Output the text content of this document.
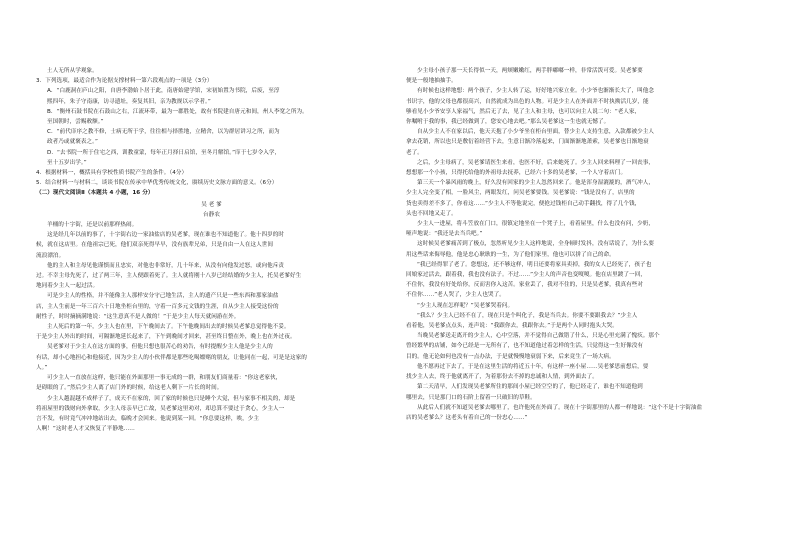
土人无所从学观象。

3．下列选项，最适合作为论据支撑材料一第六段观点的一项是（3分）

A．“白鹿洞在庐山之阳，自唐李渤始卜居于此，南唐始建学馆，宋初始置为书院，后废，至淳

熙四年，朱子守南康，访寻遗址，奏复其旧，亲为教规以示学者。”

B．“衡州石鼓书院在石鼓山之右，江流环带，最为一郡胜处，故有书院建自唐元和间，州人李宽之所为。

至国朝时，尝赐敕额。”

C．“前代庠序之教不修，士病无所于学，往往相与择胜地，立精舍，以为群居讲习之所，而为

政者乃或就褒表之。”

D．“去书院一所于住宅之西，训教童蒙，每年正月择日启馆，至冬月解馆。”庠于七岁令入学，

至十五岁出学。”

4．根据材料一，概括具有学校性质书院产生的条件。（4分）

5．结合材料一与材料二，谈谈书院在传承中华优秀传统文化，赓续历史文脉方面的意义。（6分）

（二）现代文阅读Ⅱ（本题共 4 小题，16 分）

吴 老 爹

台静农

羊桶的十字街，还是以前那样热闹。

这是经几年以前的事了，十字街右边一家油盐店的吴老爹，现在谁也不知道他了。他十四岁的时

候，就在这店里。在他祖宗已死，他们双亲死得早早，没有族辈兄弟，只是自由一人在这人世间

流浪漂泊。

他的主人和主母见他谨慎而且忠实，对他也非常好，几十年来，从没有向他发过怒，或向他斥责

过。不幸主母先死了，过了两三年，主人便跟着死了。主人就将刚十八岁已经结婚的少主人，托吴老爹好生

地同着少主人一起过活。

可是少主人的性格，并不能像主人那样安分守己地生活，主人的遗产只是一些东西和那家油盐

店，主人生前是一年三百六十日地坐柜台里的，守着一百多元文钱的生涯，自从少主人接受这份的

耐性子，时时摘摘满地说：“这生意真不是人做的！”于是少主人每天就闲游在外。

主人死后的第一年，少主人也在里，下午晚间去了。下午他晚间出去的时候吴老爹总觉得他不妥。

于是少主人外出的时间，可隔渐地延长起来了，下午到晚间才回来，甚至终日整在外，晚上也在外过夜。

吴老爹对于少主人在这方面的事，但他只想也很苦心的劝告，有时提醒少主人他是少主人的

有话，却小心地担心和他接近，因为少主人的小伙伴都是那些吃喝嫖赌的朋友，让他同在一起，可是是这家的

人。”

可少主人一直放在这样，他只能在外面那里一事无成的一群，和朋友们商量着：“你这老家伙，

是碍眼的了。”然后少主人离了店门外的时候，给这老人剩下一片长的时间。

少主人越混越不成样子了，成天不在家的，回了家的时候也只是睡个大觉，但与家事不相关的，却是

将祖屋里的钱财向外拿取，少主人母亲早已亡故，吴老爹这里劝对，却总算不要过于贪心，少主人一

言不发，有时竟气冲冲地站出去，临晚才会回来。他说到某一回。“你总要这样，唉，少主

人啊！”这时老人才又恢复了平静地……

少主母小孩子那一天长得似一天，两颊嫩嫩红，两手胖嘟嘟一样，非常活泼可爱。吴老爹要

便是一般地抽抽手。

有时候也这样地想：两个孩子，少主人转了运，好好地兴家立业。小少爷也渐渐长大了，叫他念

书识字，他的父母也都很高兴，自然就成为出色的人物。可是少主人在外面并不时执拗活几岁，能

够看见小少爷安享人家福气，然后无了去，见了主人和主母，也可以向主人说二句：“老人家，

你嘱咐于我的事，我已经做到了，您安心地去吧。”那么吴老爹这一生也就无憾了。

自从少主人不在家以后，他天天抱了小少爷坐在柜台里面，替少主人支持生意，入款都被少主人

拿去花销，所以也只是敷衍着经营下去，生意日渐冷落起来，门面渐渐地萧索，吴老爹也日渐地衰

老了。

之后，少主母病了，吴老爹请医生来看，也医不好，后来她死了。少主人回来料理了一回丧事，

想想那一个小孩，只得托给他的外祖母去抚养，已经六十多的吴老爹，一个人守着店门。

第三天一个暴风雨的晚上，好久没有回家的少主人忽然回来了。他是浑身湿漉漉的，酒气冲人，

少主人完全变了相，一脸风尘，两眼发红，问吴老爹要钱。吴老爹说：“钱是没有了，店里的

货也卖得差不多了，你看这……”少主人不等他说完，便抢过钱柜自己动手翻找，得了几个钱，

头也不回地又走了。

少主人一进屋，将斗笠放在门口，很镇定地坐在一个凳子上，看着屋里，什么也没有问，少奶，

哑声地说：“我还是去当兵吧。”

这时候吴老爹痛苦到了极点，忽然听见少主人这样地说，全身顿时发抖，没有话说了，为什么要

用这些话来侮辱他，他是忠心耿耿的一生，为了他们家里，他也可以拼了自己的命。

“我已经得罪了老了。您想这，还不够这样，明日还要将家具卖掉，我的女人已经死了，孩子也

回娘家过活去，跟着我，我也没有法子。不过……”少主人的声音也变嗄嗄。他在店里踱了一回，

不住你，我没有好处给你，反而害你入这苦。家业丢了，我对不住的，只是吴老爹，我真有些对

不住你……”老人哭了，少主人也哭了。

“少主人现在怎样呢？”吴老爹哭着问。

“我么？少主人已经不在了，现在只是个叫化子，我是当兵去。你要不要跟我去？”少主人

看着他，吴老爹点点头，连声说：“我跟你去，我跟你去。”于是两个人同时抱头大哭。

当晚吴老爹送走离开的少主人，心中空落，并不觉得自己做错了什么，只是心里充满了愧疚。那个

曾经繁华的店铺，如今已经是一无所有了，也不知道他过着怎样的生活，只觉得这一生好像没有

目的。他无论如何也没有一点办法，于是就慢慢地衰弱下来，后来竟生了一场大病。

他不愿再过下去了，于是在这里生活的将近五十年，有这样一座小屋……吴老爹思前想后，要

找少主人去，终于他就离开了，为着那份去不掉的忠诚和人情，到外面去了。

第二天清早，人们发现吴老爹所住的那间小屋已经空空的了，他已经走了，谁也不知道他到

哪里去，只是那门口的石阶上留着一只破旧的草鞋。

从此后人们就不知道吴老爹去哪里了，也许他死在外面了。现在十字街那里的人都一样地说：“这个不是十字街油盐

店的吴老爹么？这老头有着自己的一份忠心……”
